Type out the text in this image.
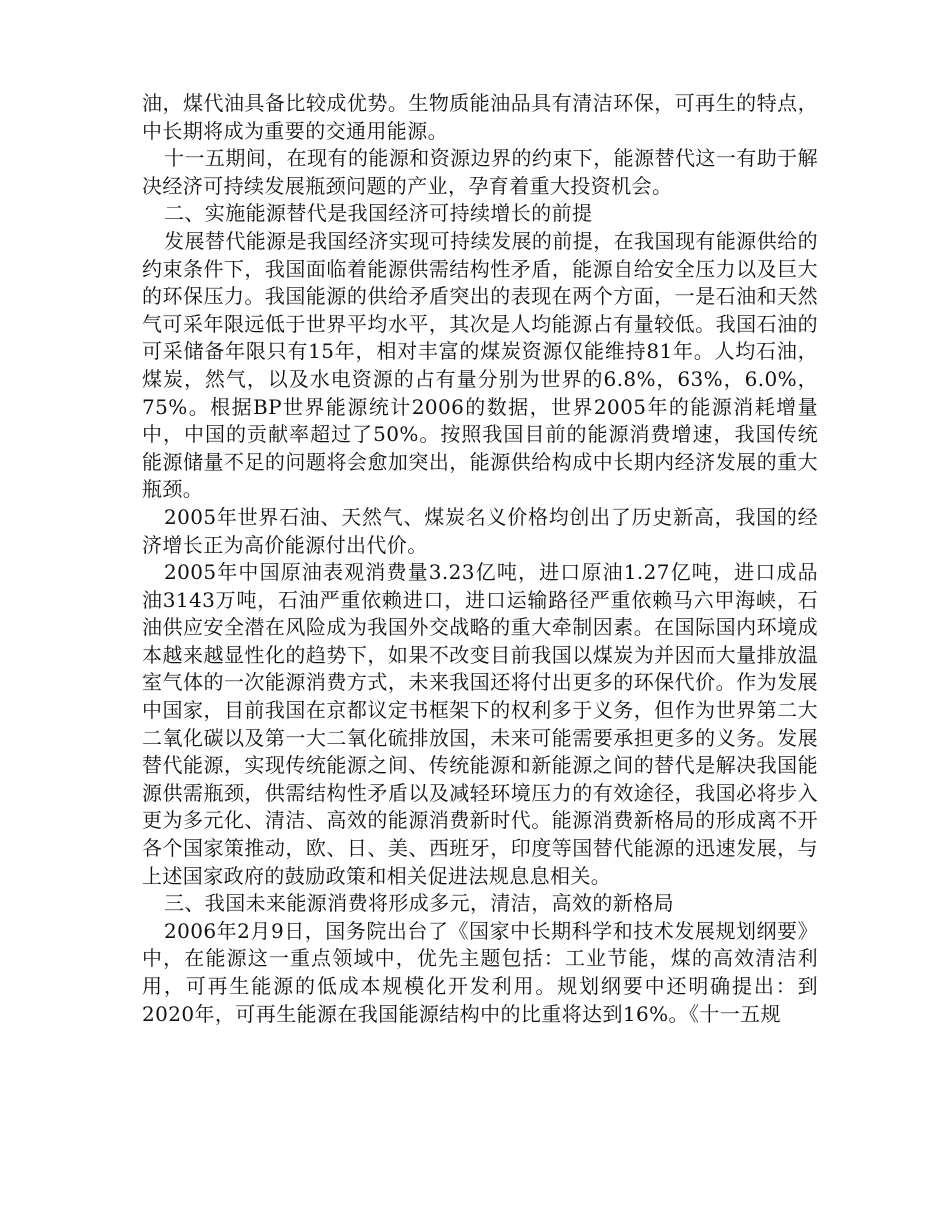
油，煤代油具备比较成优势。生物质能油品具有清洁环保，可再生的特点，中长期将成为重要的交通用能源。

十一五期间，在现有的能源和资源边界的约束下，能源替代这一有助于解决经济可持续发展瓶颈问题的产业，孕育着重大投资机会。

二、实施能源替代是我国经济可持续增长的前提

发展替代能源是我国经济实现可持续发展的前提，在我国现有能源供给的约束条件下，我国面临着能源供需结构性矛盾，能源自给安全压力以及巨大的环保压力。我国能源的供给矛盾突出的表现在两个方面，一是石油和天然气可采年限远低于世界平均水平，其次是人均能源占有量较低。我国石油的可采储备年限只有15年，相对丰富的煤炭资源仅能维持81年。人均石油，煤炭，然气，以及水电资源的占有量分别为世界的6.8%，63%，6.0%，75%。根据BP世界能源统计2006的数据，世界2005年的能源消耗增量中，中国的贡献率超过了50%。按照我国目前的能源消费增速，我国传统能源储量不足的问题将会愈加突出，能源供给构成中长期内经济发展的重大瓶颈。

2005年世界石油、天然气、煤炭名义价格均创出了历史新高，我国的经济增长正为高价能源付出代价。

2005年中国原油表观消费量3.23亿吨，进口原油1.27亿吨，进口成品油3143万吨，石油严重依赖进口，进口运输路径严重依赖马六甲海峡，石油供应安全潜在风险成为我国外交战略的重大牵制因素。在国际国内环境成本越来越显性化的趋势下，如果不改变目前我国以煤炭为并因而大量排放温室气体的一次能源消费方式，未来我国还将付出更多的环保代价。作为发展中国家，目前我国在京都议定书框架下的权利多于义务，但作为世界第二大二氧化碳以及第一大二氧化硫排放国，未来可能需要承担更多的义务。发展替代能源，实现传统能源之间、传统能源和新能源之间的替代是解决我国能源供需瓶颈，供需结构性矛盾以及减轻环境压力的有效途径，我国必将步入更为多元化、清洁、高效的能源消费新时代。能源消费新格局的形成离不开各个国家策推动，欧、日、美、西班牙，印度等国替代能源的迅速发展，与上述国家政府的鼓励政策和相关促进法规息息相关。

三、我国未来能源消费将形成多元，清洁，高效的新格局

2006年2月9日，国务院出台了《国家中长期科学和技术发展规划纲要》中，在能源这一重点领域中，优先主题包括：工业节能，煤的高效清洁利用，可再生能源的低成本规模化开发利用。规划纲要中还明确提出：到2020年，可再生能源在我国能源结构中的比重将达到16%。《十一五规
